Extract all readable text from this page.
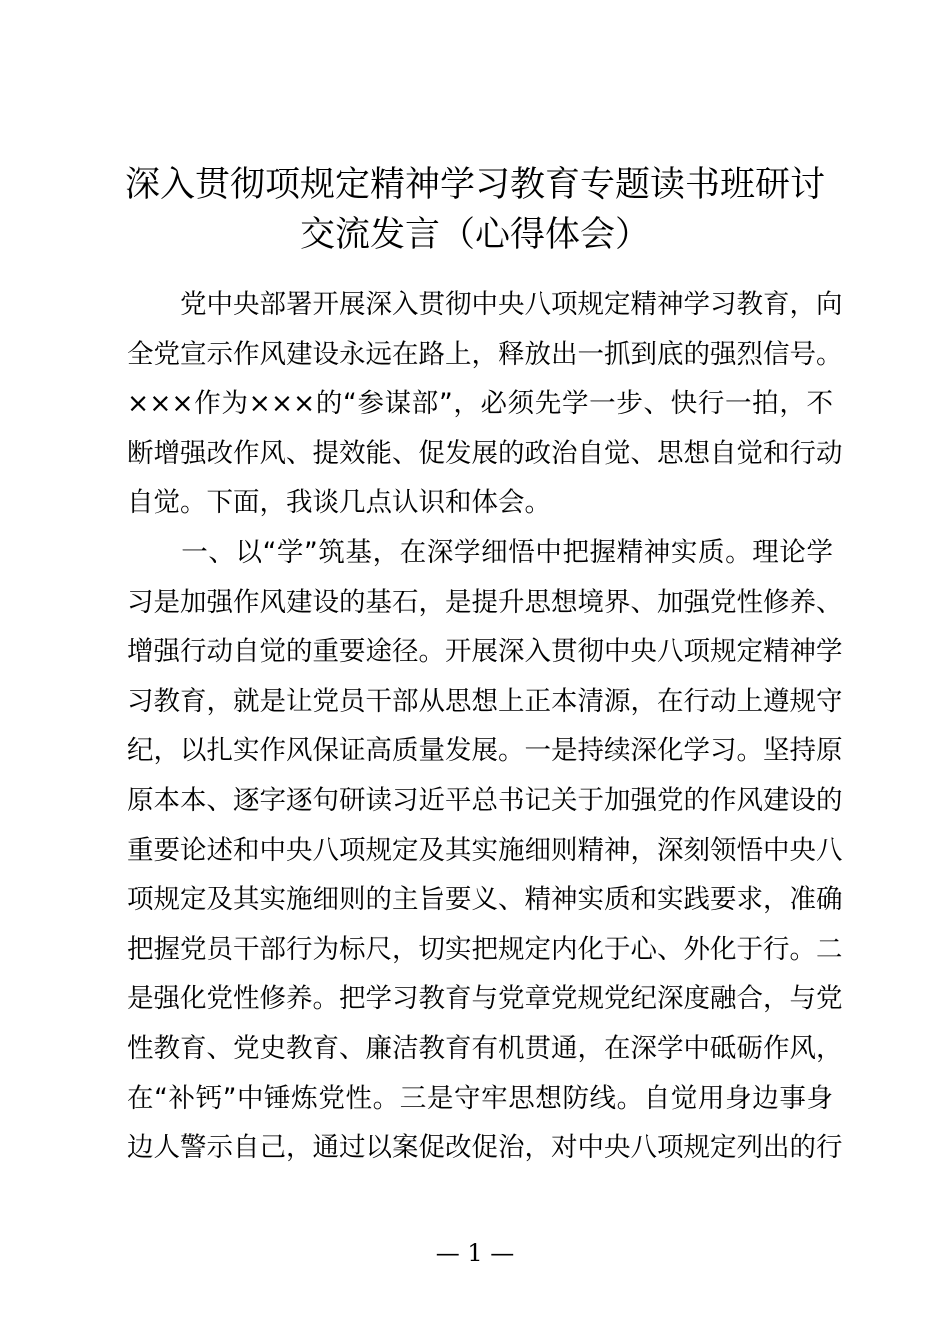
深入贯彻项规定精神学习教育专题读书班研讨
交流发言（心得体会）

　　党中央部署开展深入贯彻中央八项规定精神学习教育，向
全党宣示作风建设永远在路上，释放出一抓到底的强烈信号。
×××作为×××的“参谋部”，必须先学一步、快行一拍，不
断增强改作风、提效能、促发展的政治自觉、思想自觉和行动
自觉。下面，我谈几点认识和体会。

　　一、以“学”筑基，在深学细悟中把握精神实质。理论学
习是加强作风建设的基石，是提升思想境界、加强党性修养、
增强行动自觉的重要途径。开展深入贯彻中央八项规定精神学
习教育，就是让党员干部从思想上正本清源，在行动上遵规守
纪，以扎实作风保证高质量发展。一是持续深化学习。坚持原
原本本、逐字逐句研读习近平总书记关于加强党的作风建设的
重要论述和中央八项规定及其实施细则精神，深刻领悟中央八
项规定及其实施细则的主旨要义、精神实质和实践要求，准确
把握党员干部行为标尺，切实把规定内化于心、外化于行。二
是强化党性修养。把学习教育与党章党规党纪深度融合，与党
性教育、党史教育、廉洁教育有机贯通，在深学中砥砺作风，
在“补钙”中锤炼党性。三是守牢思想防线。自觉用身边事身
边人警示自己，通过以案促改促治，对中央八项规定列出的行

— 1 —
